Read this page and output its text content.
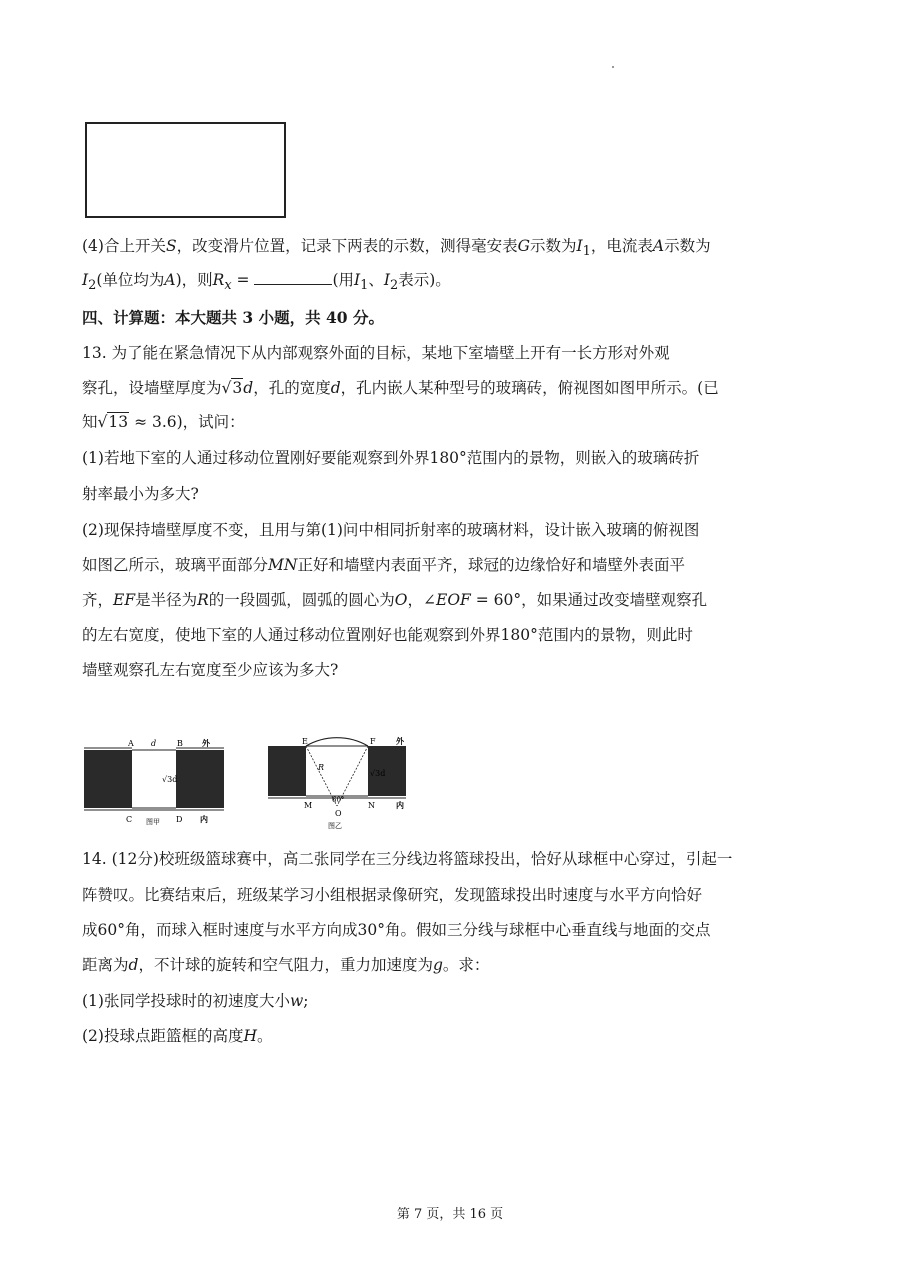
(4)合上开关S，改变滑片位置，记录下两表的示数，测得毫安表G示数为$I_1$，电流表A示数为
$I_2$(单位均为A)，则$R_x$ =	(用$I_1$、$I_2$表示)。
四、计算题：本大题共 3 小题，共 40 分。
13. 为了能在紧急情况下从内部观察外面的目标，某地下室墙壁上开有一长方形对外观
察孔，设墙壁厚度为√3d，孔的宽度d，孔内嵌人某种型号的玻璃砖，俯视图如图甲所示。(已
知√13 ≈ 3.6)，试问：
(1)若地下室的人通过移动位置刚好要能观察到外界180°范围内的景物，则嵌入的玻璃砖折
射率最小为多大?
(2)现保持墙壁厚度不变，且用与第(1)问中相同折射率的玻璃材料，设计嵌入玻璃的俯视图
如图乙所示，玻璃平面部分MN正好和墙壁内表面平齐，球冠的边缘恰好和墙壁外表面平
齐，EF是半径为R的一段圆弧，圆弧的圆心为O，∠EOF = 60°，如果通过改变墙壁观察孔
的左右宽度，使地下室的人通过移动位置刚好也能观察到外界180°范围内的景物，则此时
墙壁观察孔左右宽度至少应该为多大?
A d	B 外
√3d
C 图甲 D 内
E	F	外
R
√3d
M
60°
N	内
O
图乙
14. (12分)校班级篮球赛中，高二张同学在三分线边将篮球投出，恰好从球框中心穿过，引起一
阵赞叹。比赛结束后，班级某学习小组根据录像研究，发现篮球投出时速度与水平方向恰好
成60°角，而球入框时速度与水平方向成30°角。假如三分线与球框中心垂直线与地面的交点
距离为d，不计球的旋转和空气阻力，重力加速度为g。求：
(1)张同学投球时的初速度大小w;
(2)投球点距篮框的高度H。
第 7 页，共 16 页
